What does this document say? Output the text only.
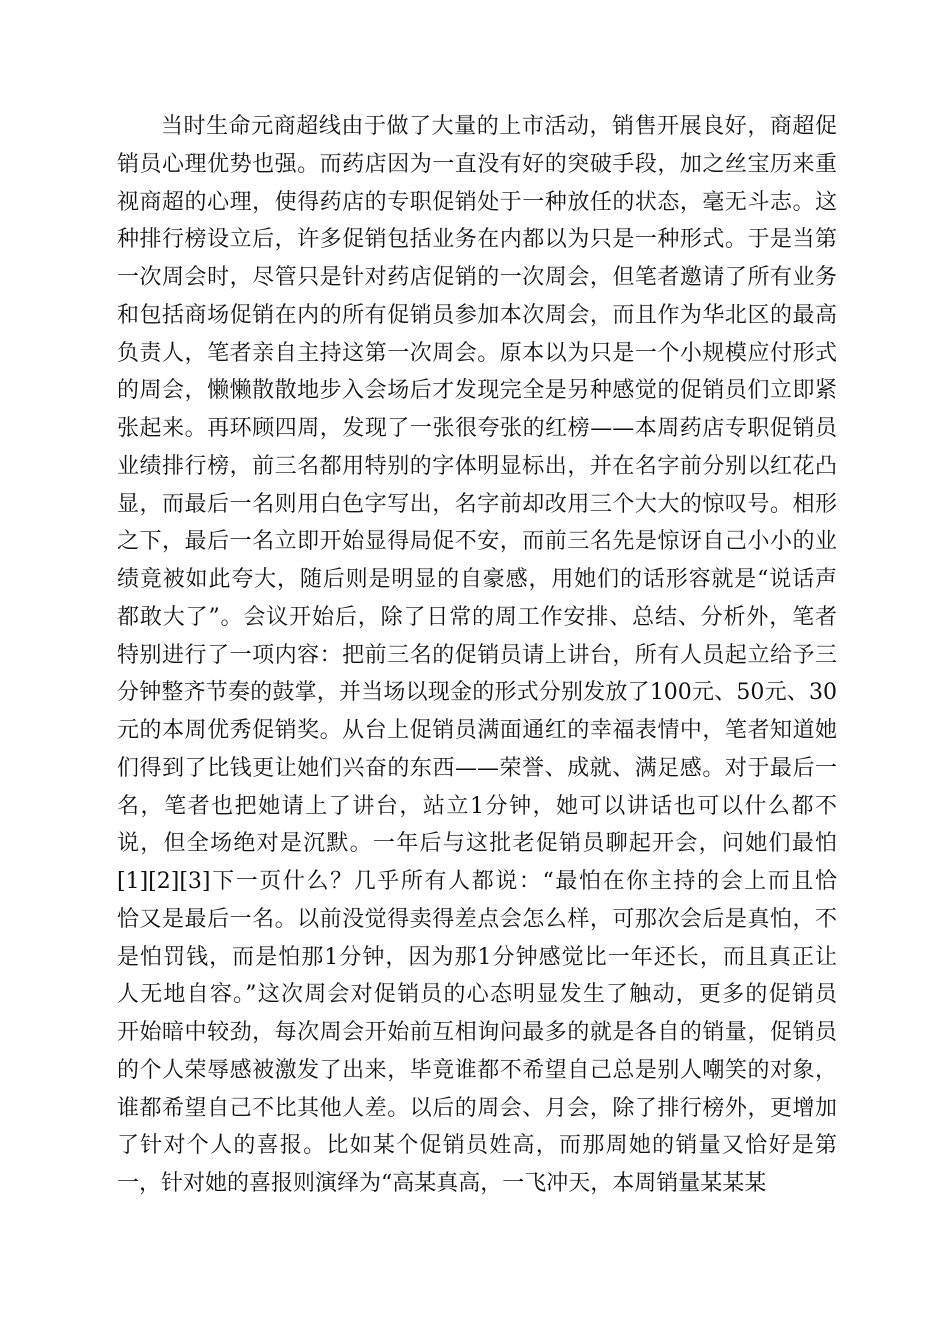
当时生命元商超线由于做了大量的上市活动，销售开展良好，商超促
销员心理优势也强。而药店因为一直没有好的突破手段，加之丝宝历来重
视商超的心理，使得药店的专职促销处于一种放任的状态，毫无斗志。这
种排行榜设立后，许多促销包括业务在内都以为只是一种形式。于是当第
一次周会时，尽管只是针对药店促销的一次周会，但笔者邀请了所有业务
和包括商场促销在内的所有促销员参加本次周会，而且作为华北区的最高
负责人，笔者亲自主持这第一次周会。原本以为只是一个小规模应付形式
的周会，懒懒散散地步入会场后才发现完全是另种感觉的促销员们立即紧
张起来。再环顾四周，发现了一张很夸张的红榜——本周药店专职促销员
业绩排行榜，前三名都用特别的字体明显标出，并在名字前分别以红花凸
显，而最后一名则用白色字写出，名字前却改用三个大大的惊叹号。相形
之下，最后一名立即开始显得局促不安，而前三名先是惊讶自己小小的业
绩竟被如此夸大，随后则是明显的自豪感，用她们的话形容就是“说话声
都敢大了”。会议开始后，除了日常的周工作安排、总结、分析外，笔者
特别进行了一项内容：把前三名的促销员请上讲台，所有人员起立给予三
分钟整齐节奏的鼓掌，并当场以现金的形式分别发放了100元、50元、30
元的本周优秀促销奖。从台上促销员满面通红的幸福表情中，笔者知道她
们得到了比钱更让她们兴奋的东西——荣誉、成就、满足感。对于最后一
名，笔者也把她请上了讲台，站立1分钟，她可以讲话也可以什么都不
说，但全场绝对是沉默。一年后与这批老促销员聊起开会，问她们最怕
[1][2][3]下一页什么？几乎所有人都说：“最怕在你主持的会上而且恰
恰又是最后一名。以前没觉得卖得差点会怎么样，可那次会后是真怕，不
是怕罚钱，而是怕那1分钟，因为那1分钟感觉比一年还长，而且真正让
人无地自容。”这次周会对促销员的心态明显发生了触动，更多的促销员
开始暗中较劲，每次周会开始前互相询问最多的就是各自的销量，促销员
的个人荣辱感被激发了出来，毕竟谁都不希望自己总是别人嘲笑的对象，
谁都希望自己不比其他人差。以后的周会、月会，除了排行榜外，更增加
了针对个人的喜报。比如某个促销员姓高，而那周她的销量又恰好是第
一，针对她的喜报则演绎为“高某真高，一飞冲天，本周销量某某某
